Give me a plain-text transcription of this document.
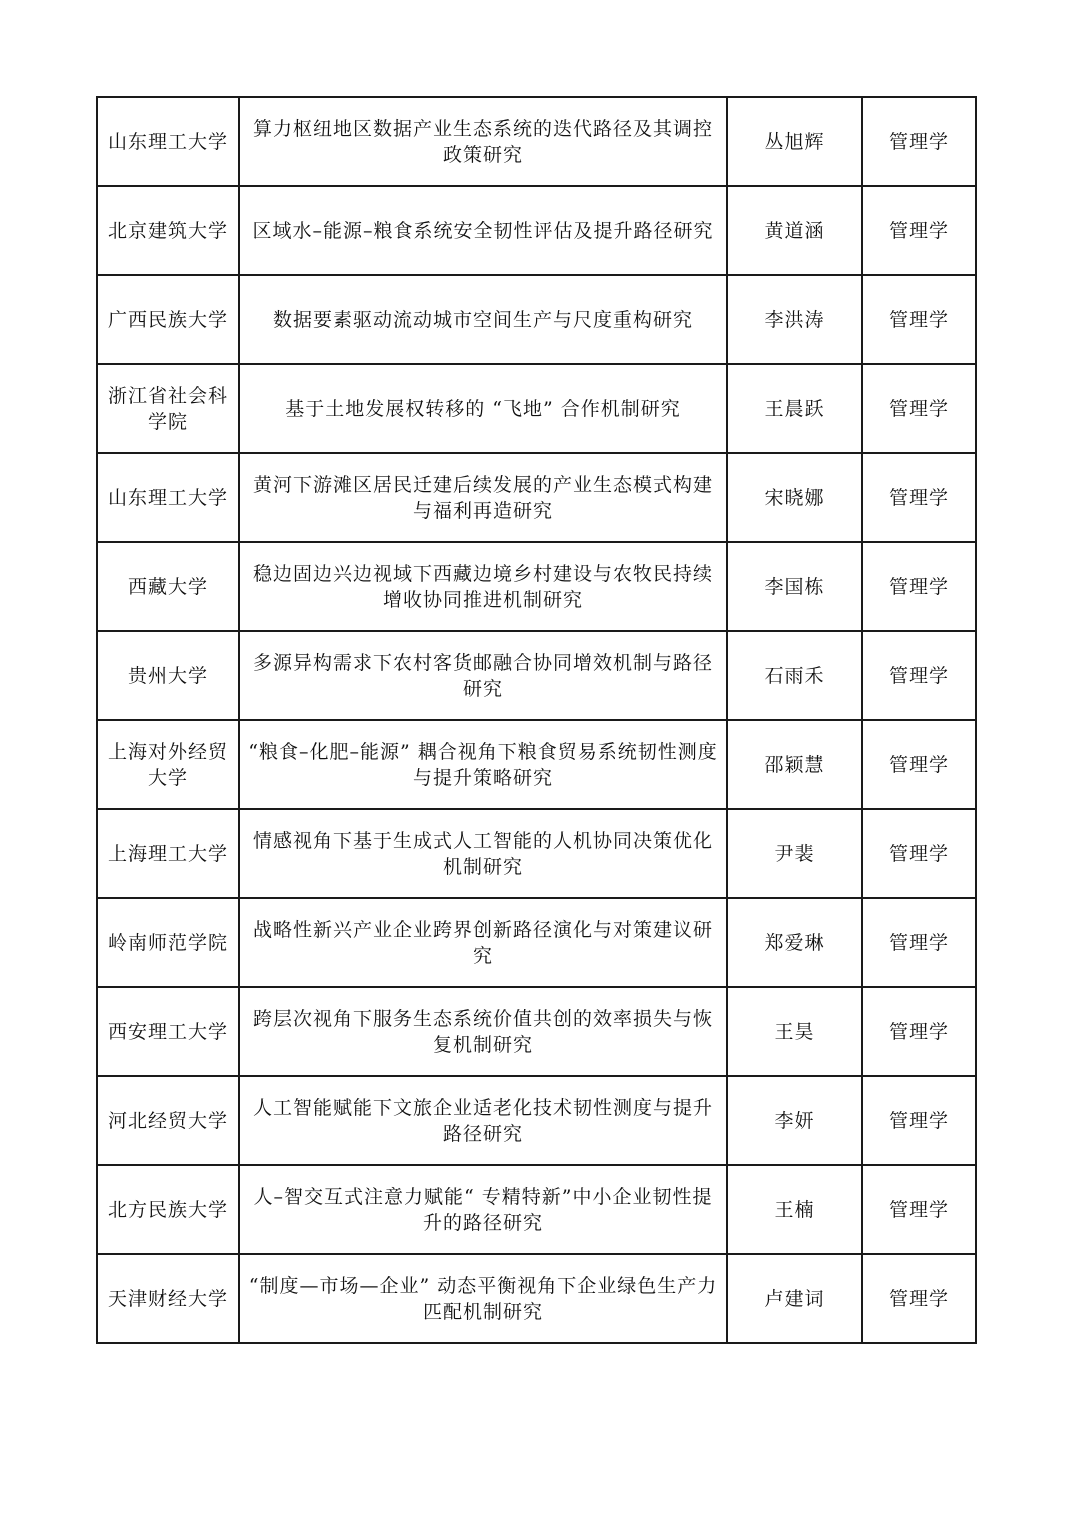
山东理工大学	算力枢纽地区数据产业生态系统的迭代路径及其调控政策研究	丛旭辉	管理学
北京建筑大学	区域水–能源–粮食系统安全韧性评估及提升路径研究	黄道涵	管理学
广西民族大学	数据要素驱动流动城市空间生产与尺度重构研究	李洪涛	管理学
浙江省社会科学院	基于土地发展权转移的 “飞地” 合作机制研究	王晨跃	管理学
山东理工大学	黄河下游滩区居民迁建后续发展的产业生态模式构建与福利再造研究	宋晓娜	管理学
西藏大学	稳边固边兴边视域下西藏边境乡村建设与农牧民持续增收协同推进机制研究	李国栋	管理学
贵州大学	多源异构需求下农村客货邮融合协同增效机制与路径研究	石雨禾	管理学
上海对外经贸大学	“粮食–化肥–能源” 耦合视角下粮食贸易系统韧性测度与提升策略研究	邵颖慧	管理学
上海理工大学	情感视角下基于生成式人工智能的人机协同决策优化机制研究	尹裴	管理学
岭南师范学院	战略性新兴产业企业跨界创新路径演化与对策建议研究	郑爱琳	管理学
西安理工大学	跨层次视角下服务生态系统价值共创的效率损失与恢复机制研究	王昊	管理学
河北经贸大学	人工智能赋能下文旅企业适老化技术韧性测度与提升路径研究	李妍	管理学
北方民族大学	人–智交互式注意力赋能“ 专精特新”中小企业韧性提升的路径研究	王楠	管理学
天津财经大学	“制度—市场—企业” 动态平衡视角下企业绿色生产力匹配机制研究	卢建词	管理学
